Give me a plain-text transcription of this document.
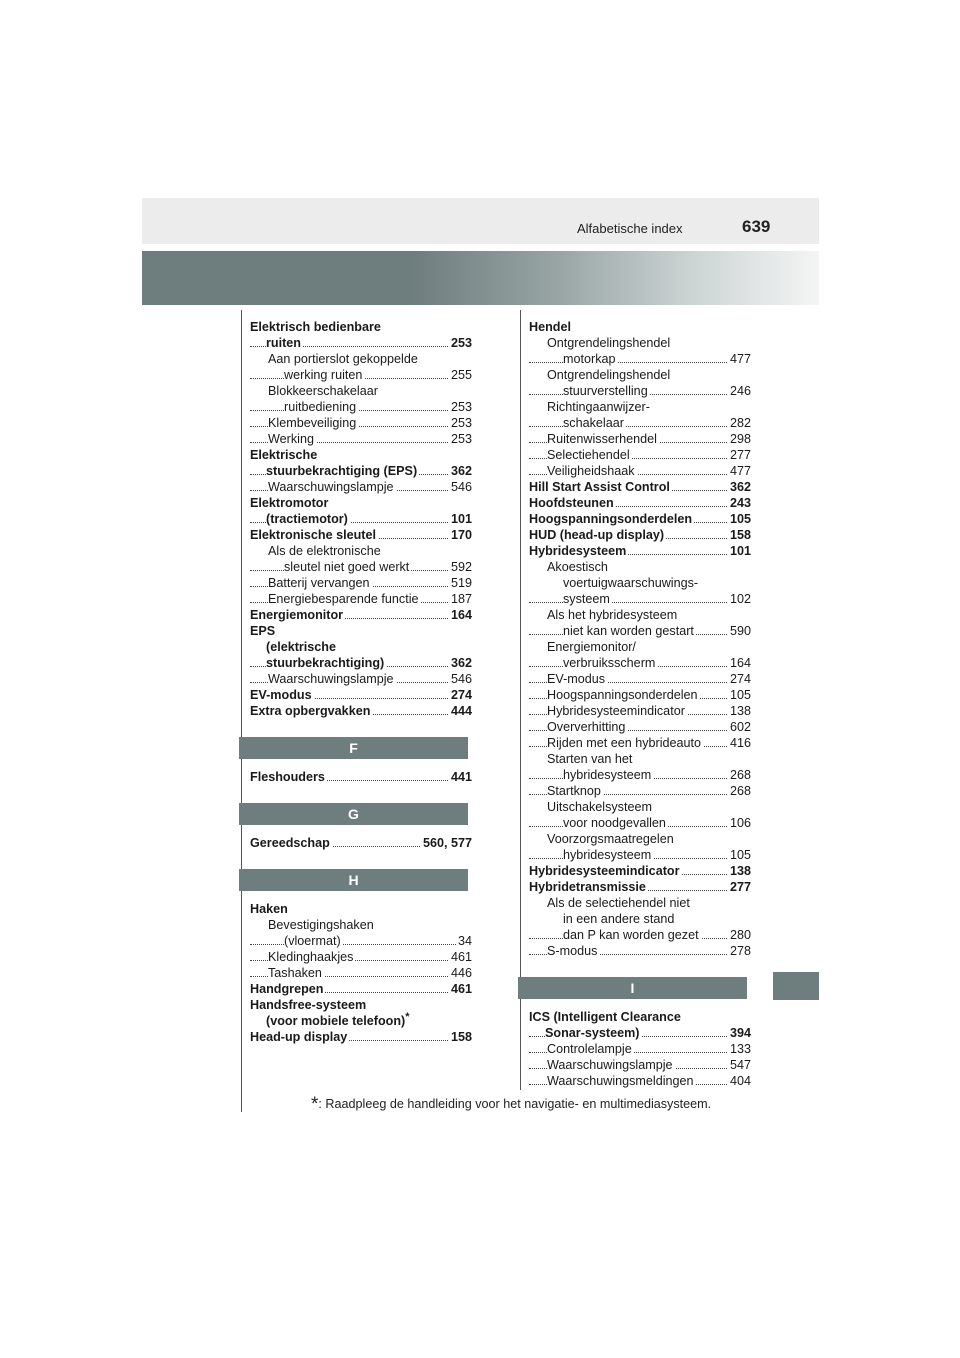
Alfabetische index	639
Elektrisch bedienbare
253
ruiten
Aan portierslot gekoppelde
255
werking ruiten
Blokkeerschakelaar
253
ruitbediening
253
Klembeveiliging
253
Werking
Elektrische
362
stuurbekrachtiging (EPS)
546
Waarschuwingslampje
Elektromotor
101
(tractiemotor)
170
Elektronische sleutel
Als de elektronische
592
sleutel niet goed werkt
519
Batterij vervangen
187
Energiebesparende functie
164
Energiemonitor
EPS
(elektrische
362
stuurbekrachtiging)
546
Waarschuwingslampje
274
EV-modus
444
Extra opbergvakken
F
441
Fleshouders
G
560, 577
Gereedschap
H
Haken
Bevestigingshaken
34
(vloermat)
461
Kledinghaakjes
446
Tashaken
461
Handgrepen
Handsfree-systeem
(voor mobiele telefoon)*
158
Head-up display
Hendel
Ontgrendelingshendel
477
motorkap
Ontgrendelingshendel
246
stuurverstelling
Richtingaanwijzer-
282
schakelaar
298
Ruitenwisserhendel
277
Selectiehendel
477
Veiligheidshaak
362
Hill Start Assist Control
243
Hoofdsteunen
105
Hoogspanningsonderdelen
158
HUD (head-up display)
101
Hybridesysteem
Akoestisch
voertuigwaarschuwings-
102
systeem
Als het hybridesysteem
590
niet kan worden gestart
Energiemonitor/
164
verbruiksscherm
274
EV-modus
105
Hoogspanningsonderdelen
138
Hybridesysteemindicator
602
Oververhitting
416
Rijden met een hybrideauto
Starten van het
268
hybridesysteem
268
Startknop
Uitschakelsysteem
106
voor noodgevallen
Voorzorgsmaatregelen
105
hybridesysteem
138
Hybridesysteemindicator
277
Hybridetransmissie
Als de selectiehendel niet
in een andere stand
280
dan P kan worden gezet
278
S-modus
I
ICS (Intelligent Clearance
394
Sonar-systeem)
133
Controlelampje
547
Waarschuwingslampje
404
Waarschuwingsmeldingen
*: Raadpleeg de handleiding voor het navigatie- en multimediasysteem.
